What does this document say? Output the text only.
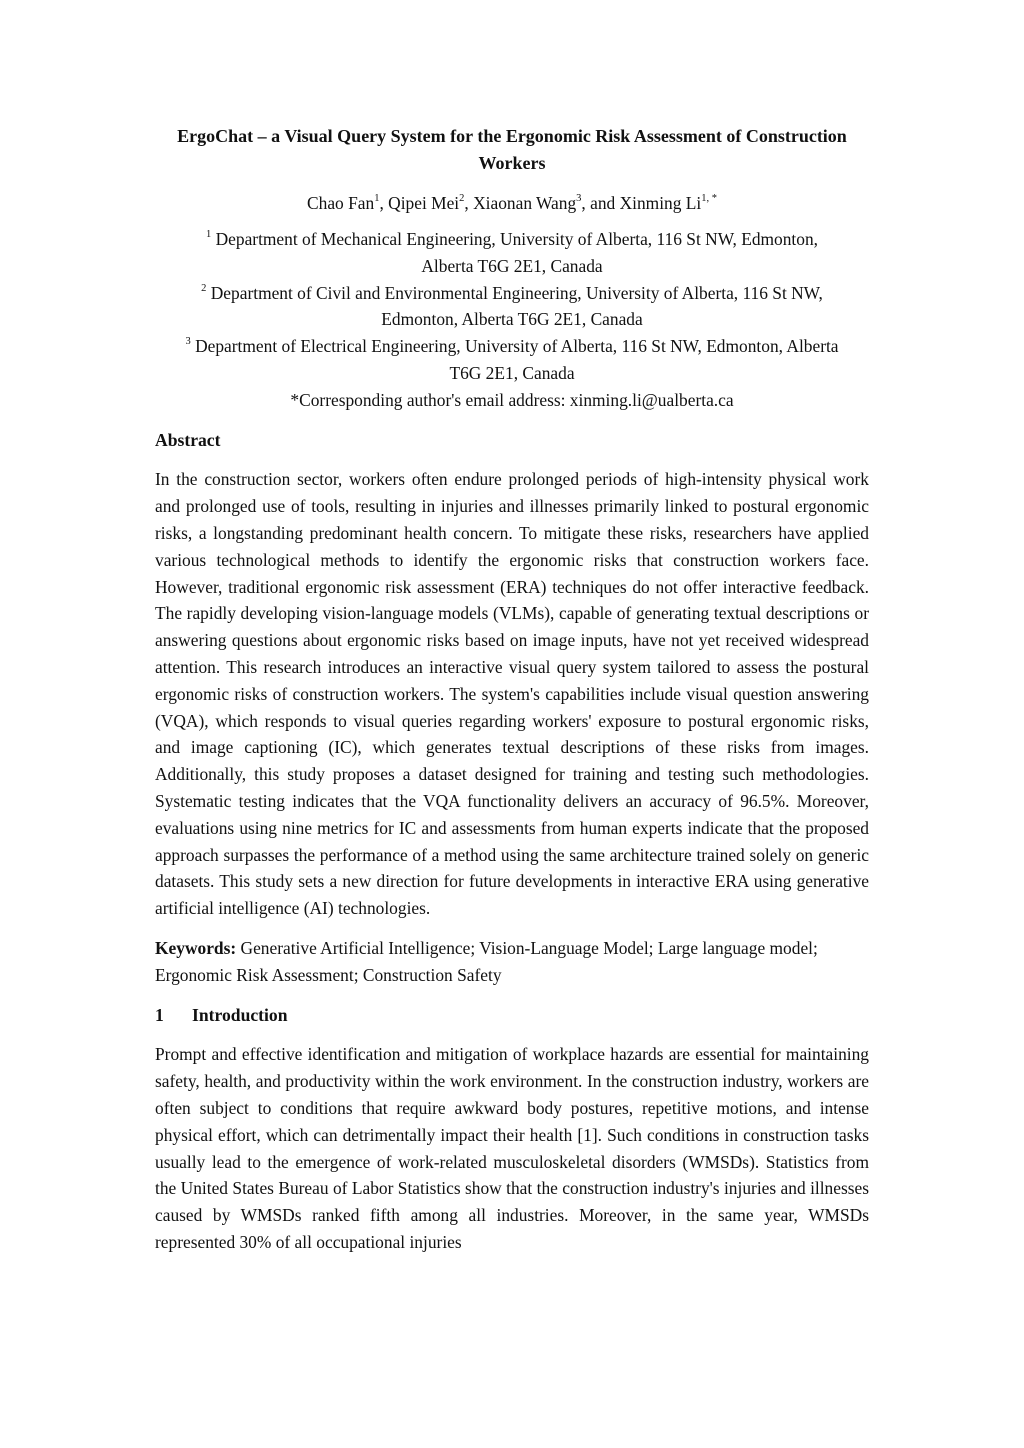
ErgoChat – a Visual Query System for the Ergonomic Risk Assessment of Construction Workers
Chao Fan$^1$, Qipei Mei$^2$, Xiaonan Wang$^3$, and Xinming $Li^{1, *}$
$^1$ Department of Mechanical Engineering, University of Alberta, 116 St NW, Edmonton,
Alberta T6G 2E1, Canada
$^2$ Department of Civil and Environmental Engineering, University of Alberta, 116 St NW,
Edmonton, Alberta T6G 2E1, Canada
$^3$ Department of Electrical Engineering, University of Alberta, 116 St NW, Edmonton, Alberta
T6G 2E1, Canada
*Corresponding author's email address: xinming.li@ualberta.ca
Abstract

In the construction sector, workers often endure prolonged periods of high-intensity physical work and prolonged use of tools, resulting in injuries and illnesses primarily linked to postural ergonomic risks, a longstanding predominant health concern. To mitigate these risks, researchers have applied various technological methods to identify the ergonomic risks that construction workers face. However, traditional ergonomic risk assessment (ERA) techniques do not offer interactive feedback. The rapidly developing vision-language models (VLMs), capable of generating textual descriptions or answering questions about ergonomic risks based on image inputs, have not yet received widespread attention. This research introduces an interactive visual query system tailored to assess the postural ergonomic risks of construction workers. The system's capabilities include visual question answering (VQA), which responds to visual queries regarding workers' exposure to postural ergonomic risks, and image captioning (IC), which generates textual descriptions of these risks from images. Additionally, this study proposes a dataset designed for training and testing such methodologies. Systematic testing indicates that the VQA functionality delivers an accuracy of 96.5%. Moreover, evaluations using nine metrics for IC and assessments from human experts indicate that the proposed approach surpasses the performance of a method using the same architecture trained solely on generic datasets. This study sets a new direction for future developments in interactive ERA using generative artificial intelligence (AI) technologies.

Keywords: Generative Artificial Intelligence; Vision-Language Model; Large language model; Ergonomic Risk Assessment; Construction Safety

1	Introduction

Prompt and effective identification and mitigation of workplace hazards are essential for maintaining safety, health, and productivity within the work environment. In the construction industry, workers are often subject to conditions that require awkward body postures, repetitive motions, and intense physical effort, which can detrimentally impact their health [1]. Such conditions in construction tasks usually lead to the emergence of work-related musculoskeletal disorders (WMSDs). Statistics from the United States Bureau of Labor Statistics show that the construction industry's injuries and illnesses caused by WMSDs ranked fifth among all industries. Moreover, in the same year, WMSDs represented 30% of all occupational injuries
